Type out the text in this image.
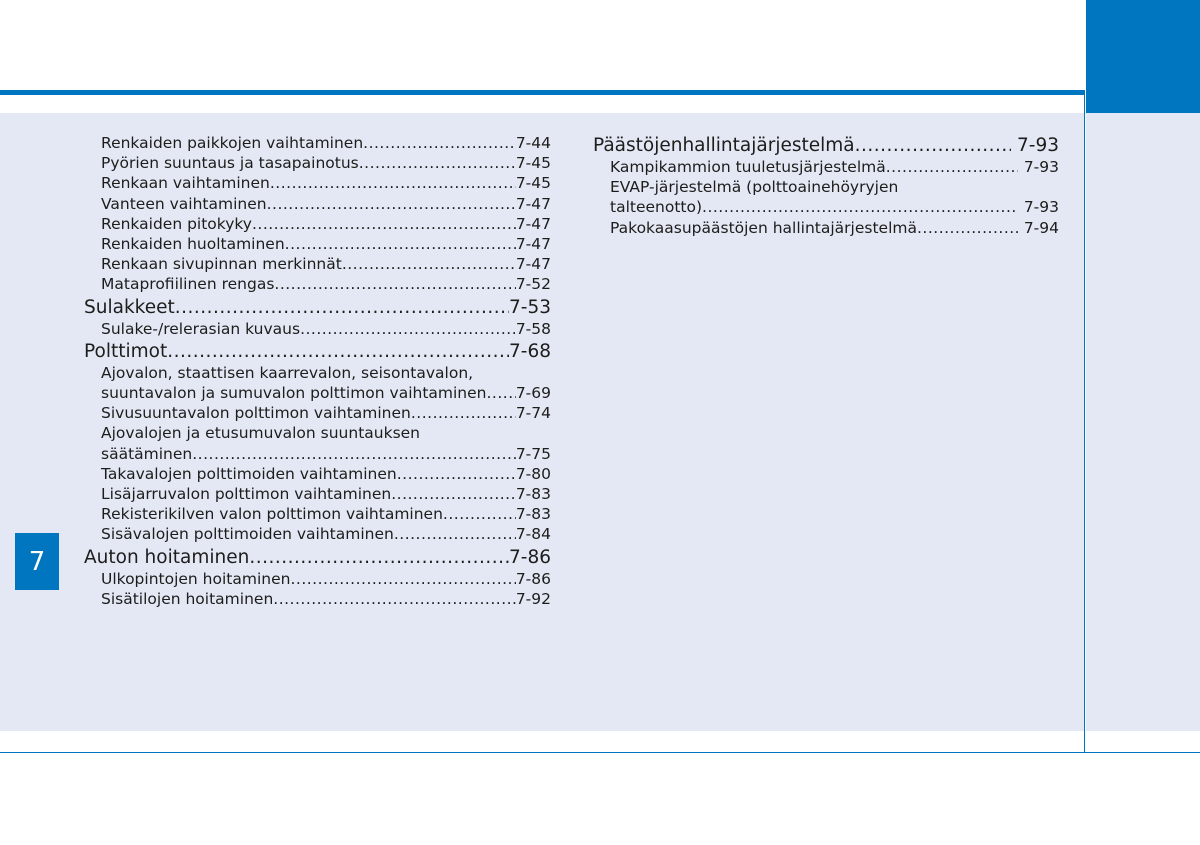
7
Renkaiden paikkojen vaihtaminen .....	7-44
Pyörien suuntaus ja tasapainotus .....	7-45
Renkaan vaihtaminen .....	7-45
Vanteen vaihtaminen .....	7-47
Renkaiden pitokyky .....	7-47
Renkaiden huoltaminen .....	7-47
Renkaan sivupinnan merkinnät .....	7-47
Mataprofiilinen rengas .....	7-52
Sulakkeet .....	7-53
Sulake-/relerasian kuvaus .....	7-58
Polttimot .....	7-68
Ajovalon, staattisen kaarrevalon, seisontavalon,
suuntavalon ja sumuvalon polttimon vaihtaminen ..... 7-69
Sivusuuntavalon polttimon vaihtaminen .....	7-74
Ajovalojen ja etusumuvalon suuntauksen
säätäminen .....	7-75
Takavalojen polttimoiden vaihtaminen .....	7-80
Lisäjarruvalon polttimon vaihtaminen .....	7-83
Rekisterikilven valon polttimon vaihtaminen .....	7-83
Sisävalojen polttimoiden vaihtaminen .....	7-84
Auton hoitaminen .....	7-86
Ulkopintojen hoitaminen .....	7-86
Sisätilojen hoitaminen .....	7-92
Päästöjenhallintajärjestelmä .....	7-93
Kampikammion tuuletusjärjestelmä .....	7-93
EVAP-järjestelmä (polttoainehöyryjen
talteenotto) .....	7-93
Pakokaasupäästöjen hallintajärjestelmä .....	7-94
